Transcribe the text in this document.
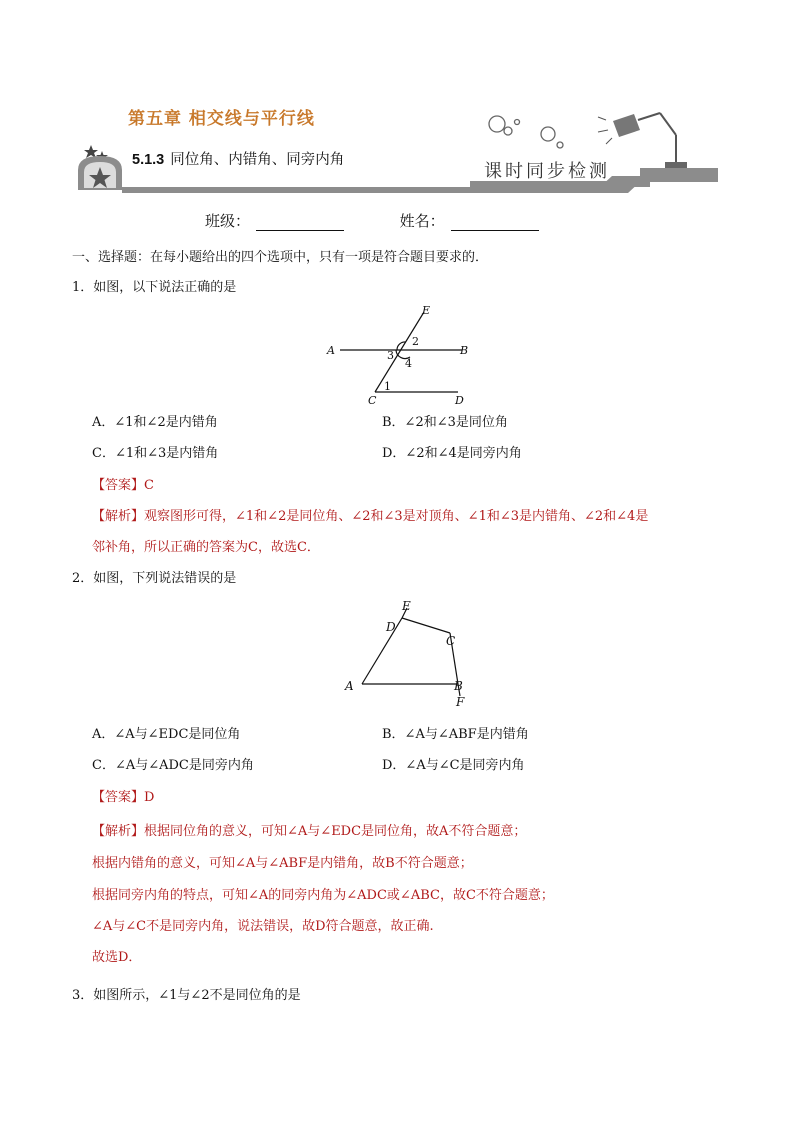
第五章 相交线与平行线
5.1.3 同位角、内错角、同旁内角
课时同步检测
班级：	姓名：
一、选择题：在每小题给出的四个选项中，只有一项是符合题目要求的．
1．如图，以下说法正确的是
E
2
A	3	B
4
1
C	D
A．∠1和∠2是内错角	B．∠2和∠3是同位角
C．∠1和∠3是内错角	D．∠2和∠4是同旁内角
【答案】C
【解析】观察图形可得，∠1和∠2是同位角、∠2和∠3是对顶角、∠1和∠3是内错角、∠2和∠4是
邻补角，所以正确的答案为C，故选C．
2．如图，下列说法错误的是
E
D
C
A	B
F
A．∠A与∠EDC是同位角	B．∠A与∠ABF是内错角
C．∠A与∠ADC是同旁内角	D．∠A与∠C是同旁内角
【答案】D
【解析】根据同位角的意义，可知∠A与∠EDC是同位角，故A不符合题意；
根据内错角的意义，可知∠A与∠ABF是内错角，故B不符合题意；
根据同旁内角的特点，可知∠A的同旁内角为∠ADC或∠ABC，故C不符合题意；
∠A与∠C不是同旁内角，说法错误，故D符合题意，故正确.
故选D．
3．如图所示，∠1与∠2不是同位角的是
